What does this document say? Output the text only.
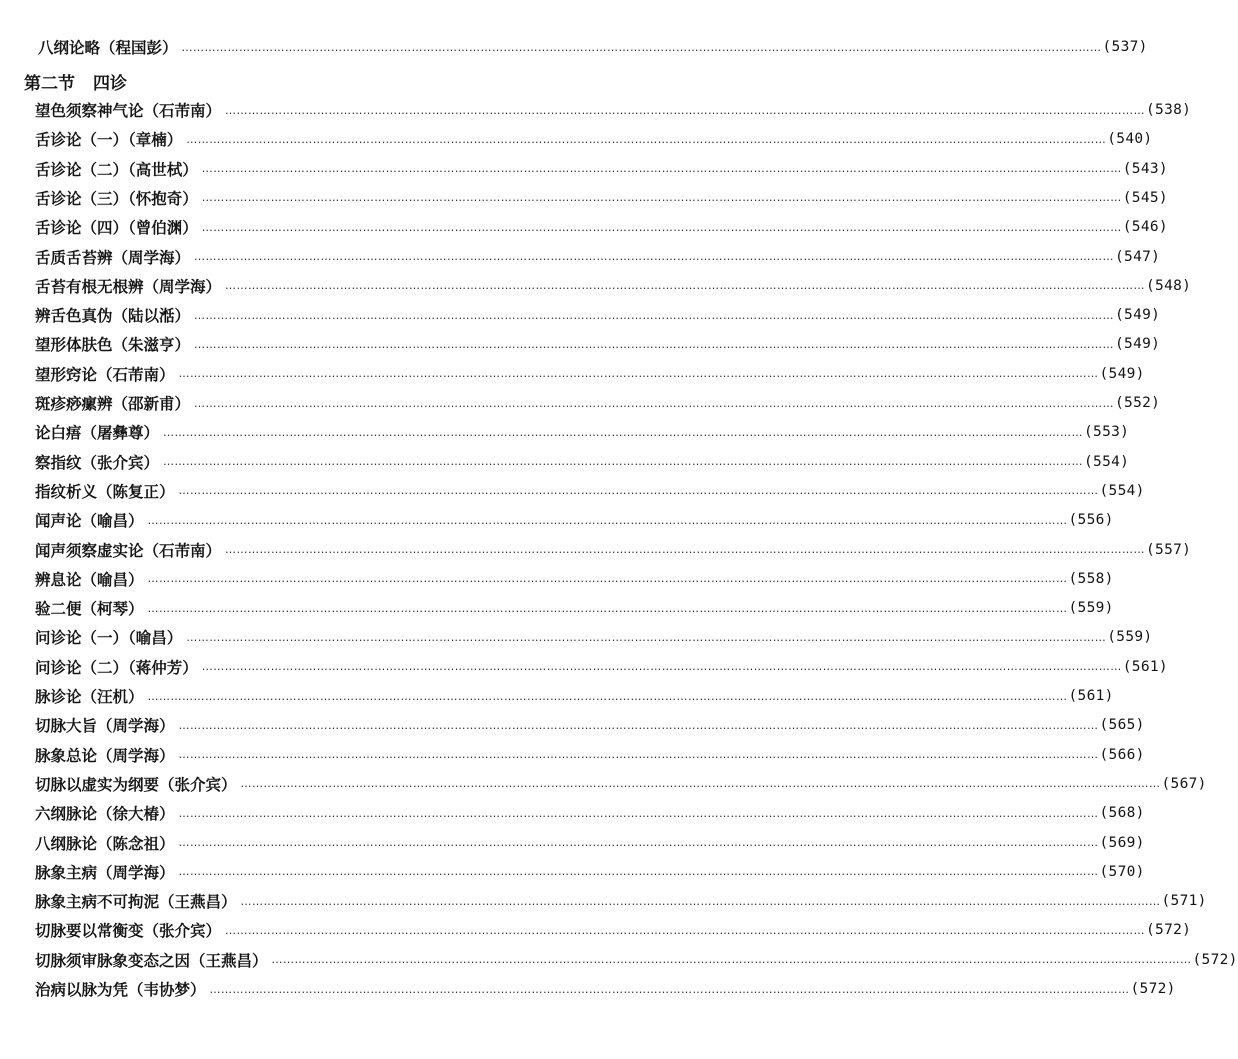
八纲论略（程国彭） …………………………………………………………………………………………………………………………………………………………………………………………………………………… (537)
第二节 四诊
望色须察神气论（石芾南） …………………………………………………………………………………………………………………………………………………………………………………………………………………… (538)
舌诊论（一）（章楠） …………………………………………………………………………………………………………………………………………………………………………………………………………………… (540)
舌诊论（二）（高世栻） …………………………………………………………………………………………………………………………………………………………………………………………………………………… (543)
舌诊论（三）（怀抱奇） …………………………………………………………………………………………………………………………………………………………………………………………………………………… (545)
舌诊论（四）（曾伯渊） …………………………………………………………………………………………………………………………………………………………………………………………………………………… (546)
舌质舌苔辨（周学海） …………………………………………………………………………………………………………………………………………………………………………………………………………………… (547)
舌苔有根无根辨（周学海） …………………………………………………………………………………………………………………………………………………………………………………………………………………… (548)
辨舌色真伪（陆以湉） …………………………………………………………………………………………………………………………………………………………………………………………………………………… (549)
望形体肤色（朱滋亨） …………………………………………………………………………………………………………………………………………………………………………………………………………………… (549)
望形窍论（石芾南） …………………………………………………………………………………………………………………………………………………………………………………………………………………… (549)
斑疹痧瘰辨（邵新甫） …………………………………………………………………………………………………………………………………………………………………………………………………………………… (552)
论白痦（屠彝尊） …………………………………………………………………………………………………………………………………………………………………………………………………………………… (553)
察指纹（张介宾） …………………………………………………………………………………………………………………………………………………………………………………………………………………… (554)
指纹析义（陈复正） …………………………………………………………………………………………………………………………………………………………………………………………………………………… (554)
闻声论（喻昌） …………………………………………………………………………………………………………………………………………………………………………………………………………………… (556)
闻声须察虚实论（石芾南） …………………………………………………………………………………………………………………………………………………………………………………………………………………… (557)
辨息论（喻昌） …………………………………………………………………………………………………………………………………………………………………………………………………………………… (558)
验二便（柯琴） …………………………………………………………………………………………………………………………………………………………………………………………………………………… (559)
问诊论（一）（喻昌） …………………………………………………………………………………………………………………………………………………………………………………………………………………… (559)
问诊论（二）（蒋仲芳） …………………………………………………………………………………………………………………………………………………………………………………………………………………… (561)
脉诊论（汪机） …………………………………………………………………………………………………………………………………………………………………………………………………………………… (561)
切脉大旨（周学海） …………………………………………………………………………………………………………………………………………………………………………………………………………………… (565)
脉象总论（周学海） …………………………………………………………………………………………………………………………………………………………………………………………………………………… (566)
切脉以虚实为纲要（张介宾） …………………………………………………………………………………………………………………………………………………………………………………………………………………… (567)
六纲脉论（徐大椿） …………………………………………………………………………………………………………………………………………………………………………………………………………………… (568)
八纲脉论（陈念祖） …………………………………………………………………………………………………………………………………………………………………………………………………………………… (569)
脉象主病（周学海） …………………………………………………………………………………………………………………………………………………………………………………………………………………… (570)
脉象主病不可拘泥（王燕昌） …………………………………………………………………………………………………………………………………………………………………………………………………………………… (571)
切脉要以常衡变（张介宾） …………………………………………………………………………………………………………………………………………………………………………………………………………………… (572)
切脉须审脉象变态之因（王燕昌） …………………………………………………………………………………………………………………………………………………………………………………………………………………… (572)
治病以脉为凭（韦协梦） …………………………………………………………………………………………………………………………………………………………………………………………………………………… (572)
